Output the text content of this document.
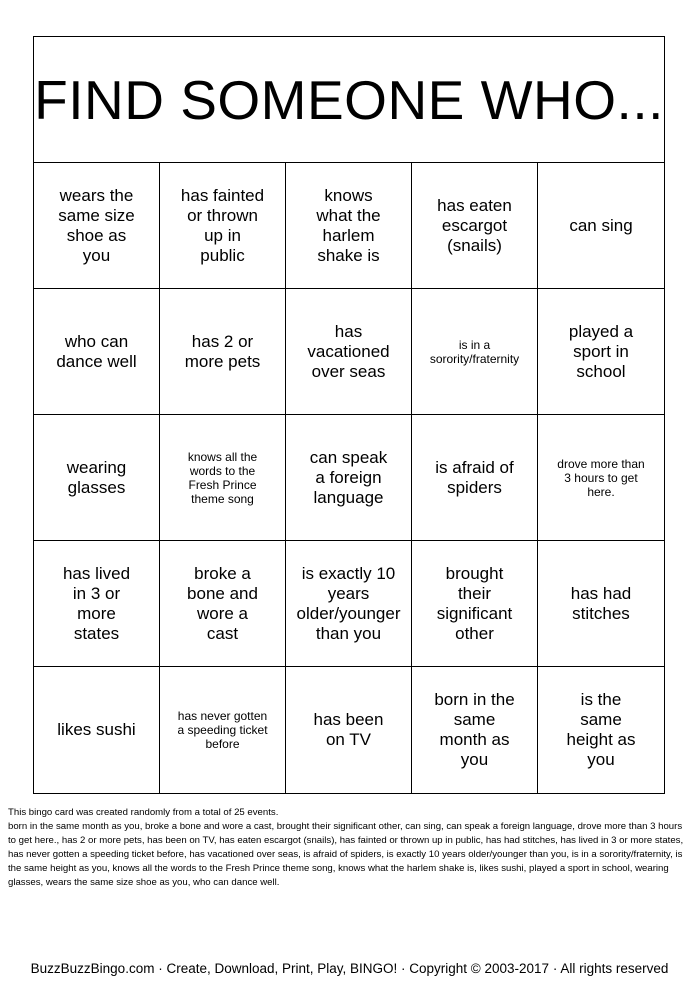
FIND SOMEONE WHO...
wears the same size shoe as you
has fainted or thrown up in public
knows what the harlem shake is
has eaten escargot (snails)
can sing
who can dance well
has 2 or more pets
has vacationed over seas
is in a sorority/fraternity
played a sport in school
wearing glasses
knows all the words to the Fresh Prince theme song
can speak a foreign language
is afraid of spiders
drove more than 3 hours to get here.
has lived in 3 or more states
broke a bone and wore a cast
is exactly 10 years older/younger than you
brought their significant other
has had stitches
likes sushi
has never gotten a speeding ticket before
has been on TV
born in the same month as you
is the same height as you

This bingo card was created randomly from a total of 25 events.

born in the same month as you, broke a bone and wore a cast, brought their significant other, can sing, can speak a foreign language, drove more than 3 hours to get here., has 2 or more pets, has been on TV, has eaten escargot (snails), has fainted or thrown up in public, has had stitches, has lived in 3 or more states, has never gotten a speeding ticket before, has vacationed over seas, is afraid of spiders, is exactly 10 years older/younger than you, is in a sorority/fraternity, is the same height as you, knows all the words to the Fresh Prince theme song, knows what the harlem shake is, likes sushi, played a sport in school, wearing glasses, wears the same size shoe as you, who can dance well.

BuzzBuzzBingo.com · Create, Download, Print, Play, BINGO! · Copyright © 2003-2017 · All rights reserved
